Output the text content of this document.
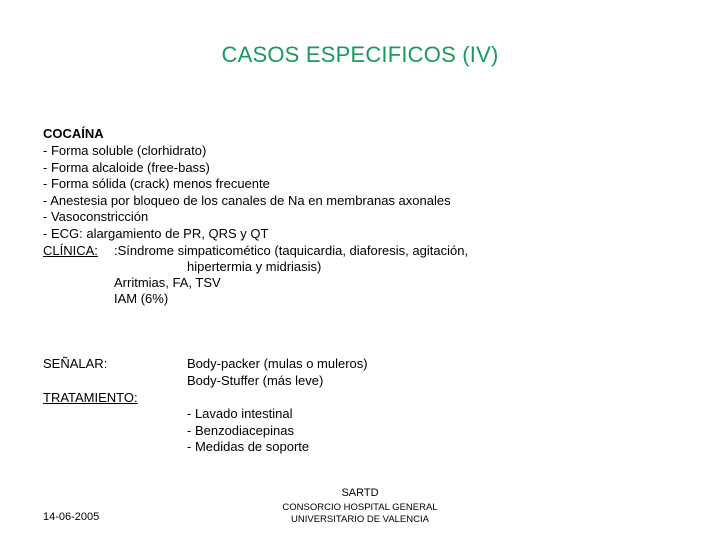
CASOS ESPECIFICOS (IV)
COCAÍNA
- Forma soluble (clorhidrato)
- Forma alcaloide (free-bass)
- Forma sólida (crack) menos frecuente
- Anestesia por bloqueo de los canales de Na en membranas axonales
- Vasoconstricción
- ECG: alargamiento de PR, QRS y QT
CLÍNICA: :Síndrome simpaticomético (taquicardia, diaforesis, agitación,
hipertermia y midriasis)
Arritmias, FA, TSV
IAM (6%)
SEÑALAR:	Body-packer (mulas o muleros)
Body-Stuffer (más leve)
TRATAMIENTO:
- Lavado intestinal
- Benzodiacepinas
- Medidas de soporte
SARTD
CONSORCIO HOSPITAL GENERAL
UNIVERSITARIO DE VALENCIA
14-06-2005
